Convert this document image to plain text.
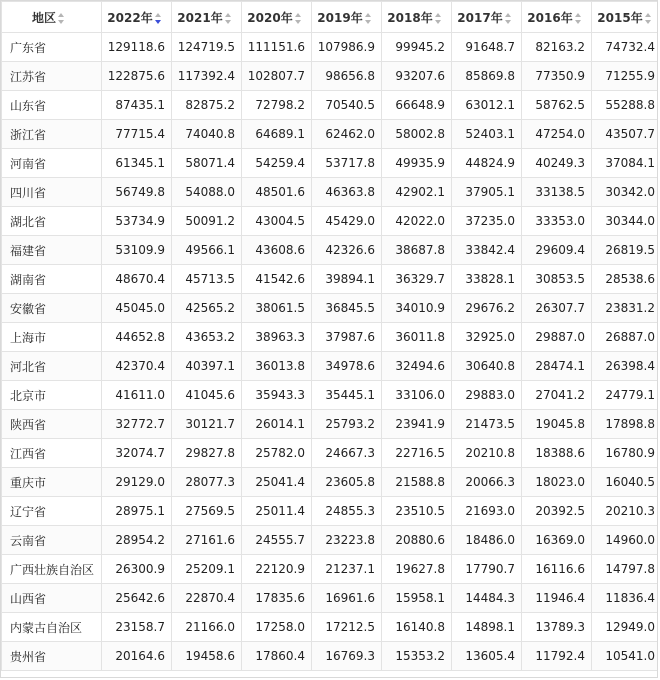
地区	2022年	2021年	2020年	2019年	2018年	2017年	2016年	2015年

广东省	129118.6	124719.5	111151.6	107986.9	99945.2	91648.7	82163.2	74732.4
江苏省	122875.6	117392.4	102807.7	98656.8	93207.6	85869.8	77350.9	71255.9
山东省	87435.1	82875.2	72798.2	70540.5	66648.9	63012.1	58762.5	55288.8
浙江省	77715.4	74040.8	64689.1	62462.0	58002.8	52403.1	47254.0	43507.7
河南省	61345.1	58071.4	54259.4	53717.8	49935.9	44824.9	40249.3	37084.1
四川省	56749.8	54088.0	48501.6	46363.8	42902.1	37905.1	33138.5	30342.0
湖北省	53734.9	50091.2	43004.5	45429.0	42022.0	37235.0	33353.0	30344.0
福建省	53109.9	49566.1	43608.6	42326.6	38687.8	33842.4	29609.4	26819.5
湖南省	48670.4	45713.5	41542.6	39894.1	36329.7	33828.1	30853.5	28538.6
安徽省	45045.0	42565.2	38061.5	36845.5	34010.9	29676.2	26307.7	23831.2
上海市	44652.8	43653.2	38963.3	37987.6	36011.8	32925.0	29887.0	26887.0
河北省	42370.4	40397.1	36013.8	34978.6	32494.6	30640.8	28474.1	26398.4
北京市	41611.0	41045.6	35943.3	35445.1	33106.0	29883.0	27041.2	24779.1
陕西省	32772.7	30121.7	26014.1	25793.2	23941.9	21473.5	19045.8	17898.8
江西省	32074.7	29827.8	25782.0	24667.3	22716.5	20210.8	18388.6	16780.9
重庆市	29129.0	28077.3	25041.4	23605.8	21588.8	20066.3	18023.0	16040.5
辽宁省	28975.1	27569.5	25011.4	24855.3	23510.5	21693.0	20392.5	20210.3
云南省	28954.2	27161.6	24555.7	23223.8	20880.6	18486.0	16369.0	14960.0
广西壮族自治区	26300.9	25209.1	22120.9	21237.1	19627.8	17790.7	16116.6	14797.8
山西省	25642.6	22870.4	17835.6	16961.6	15958.1	14484.3	11946.4	11836.4
内蒙古自治区	23158.7	21166.0	17258.0	17212.5	16140.8	14898.1	13789.3	12949.0
贵州省	20164.6	19458.6	17860.4	16769.3	15353.2	13605.4	11792.4	10541.0
